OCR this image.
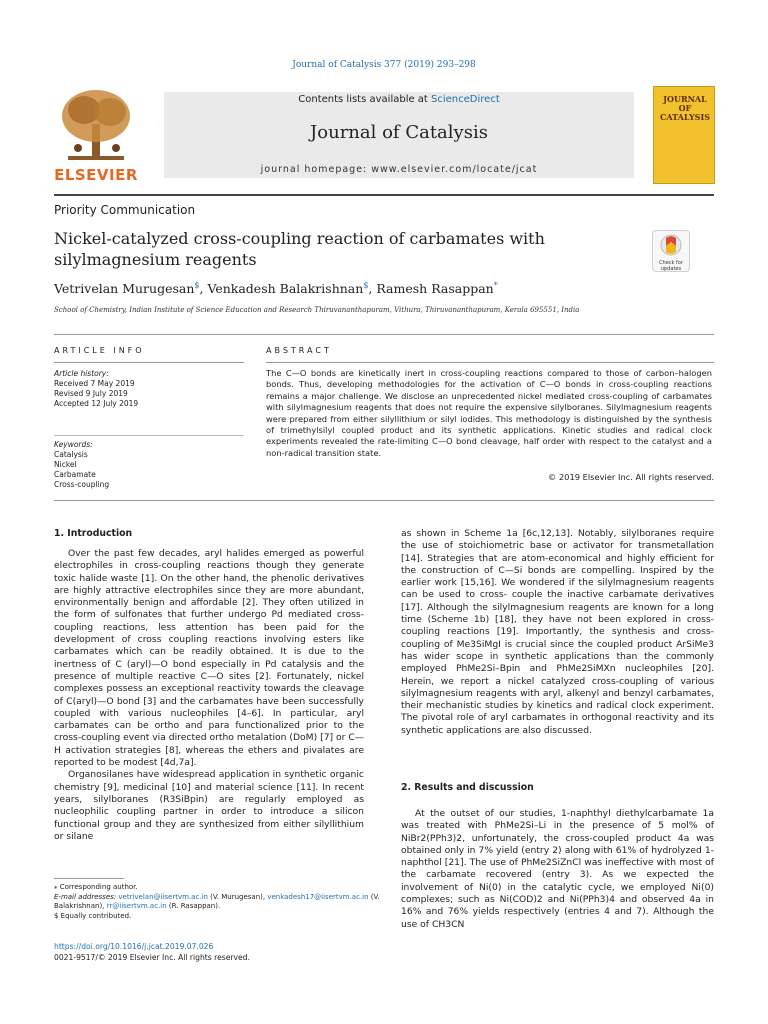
Journal of Catalysis 377 (2019) 293–298
ELSEVIER
Contents lists available at ScienceDirect
Journal of Catalysis
journal homepage: www.elsevier.com/locate/jcat
JOURNAL OF CATALYSIS
Priority Communication
Nickel-catalyzed cross-coupling reaction of carbamates with silylmagnesium reagents	Check for updates
Vetrivelan Murugesan$, Venkadesh Balakrishnan$, Ramesh Rasappan*
School of Chemistry, Indian Institute of Science Education and Research Thiruvananthapuram, Vithura, Thiruvananthapuram, Kerala 695551, India
ARTICLE INFO
Article history:
Received 7 May 2019
Revised 9 July 2019
Accepted 12 July 2019
Keywords:
Catalysis
Nickel
Carbamate
Cross-coupling
ABSTRACT
The C—O bonds are kinetically inert in cross-coupling reactions compared to those of carbon–halogen bonds. Thus, developing methodologies for the activation of C—O bonds in cross-coupling reactions remains a major challenge. We disclose an unprecedented nickel mediated cross-coupling of carbamates with silylmagnesium reagents that does not require the expensive silylboranes. Silylmagnesium reagents were prepared from either silyllithium or silyl iodides. This methodology is distinguished by the synthesis of trimethylsilyl coupled product and its synthetic applications. Kinetic studies and radical clock experiments revealed the rate-limiting C—O bond cleavage, half order with respect to the catalyst and a non-radical transition state.
© 2019 Elsevier Inc. All rights reserved.
1. Introduction

Over the past few decades, aryl halides emerged as powerful electrophiles in cross-coupling reactions though they generate toxic halide waste [1]. On the other hand, the phenolic derivatives are highly attractive electrophiles since they are more abundant, environmentally benign and affordable [2]. They often utilized in the form of sulfonates that further undergo Pd mediated cross-coupling reactions, less attention has been paid for the development of cross coupling reactions involving esters like carbamates which can be readily obtained. It is due to the inertness of C (aryl)—O bond especially in Pd catalysis and the presence of multiple reactive C—O sites [2]. Fortunately, nickel complexes possess an exceptional reactivity towards the cleavage of C(aryl)—O bond [3] and the carbamates have been successfully coupled with various nucleophiles [4–6]. In particular, aryl carbamates can be ortho and para functionalized prior to the cross-coupling event via directed ortho metalation (DoM) [7] or C—H activation strategies [8], whereas the ethers and pivalates are reported to be modest [4d,7a].

Organosilanes have widespread application in synthetic organic chemistry [9], medicinal [10] and material science [11]. In recent years, silylboranes (R3SiBpin) are regularly employed as nucleophilic coupling partner in order to introduce a silicon functional group and they are synthesized from either silyllithium or silane

⁎ Corresponding author.
E-mail addresses: vetrivelan@iisertvm.ac.in (V. Murugesan), venkadesh17@iisertvm.ac.in (V. Balakrishnan), rr@iisertvm.ac.in (R. Rasappan).
$ Equally contributed.

as shown in Scheme 1a [6c,12,13]. Notably, silylboranes require the use of stoichiometric base or activator for transmetallation [14]. Strategies that are atom-economical and highly efficient for the construction of C—Si bonds are compelling. Inspired by the earlier work [15,16]. We wondered if the silylmagnesium reagents can be used to cross- couple the inactive carbamate derivatives [17]. Although the silylmagnesium reagents are known for a long time (Scheme 1b) [18], they have not been explored in cross-coupling reactions [19]. Importantly, the synthesis and cross-coupling of Me3SiMgI is crucial since the coupled product ArSiMe3 has wider scope in synthetic applications than the commonly employed PhMe2Si–Bpin and PhMe2SiMXn nucleophiles [20]. Herein, we report a nickel catalyzed cross-coupling of various silylmagnesium reagents with aryl, alkenyl and benzyl carbamates, their mechanistic studies by kinetics and radical clock experiment. The pivotal role of aryl carbamates in orthogonal reactivity and its synthetic applications are also discussed.

2. Results and discussion

At the outset of our studies, 1-naphthyl diethylcarbamate 1a was treated with PhMe2Si–Li in the presence of 5 mol% of NiBr2(PPh3)2, unfortunately, the cross-coupled product 4a was obtained only in 7% yield (entry 2) along with 61% of hydrolyzed 1-naphthol [21]. The use of PhMe2SiZnCl was ineffective with most of the carbamate recovered (entry 3). As we expected the involvement of Ni(0) in the catalytic cycle, we employed Ni(0) complexes; such as Ni(COD)2 and Ni(PPh3)4 and observed 4a in 16% and 76% yields respectively (entries 4 and 7). Although the use of CH3CN

https://doi.org/10.1016/j.jcat.2019.07.026
0021-9517/© 2019 Elsevier Inc. All rights reserved.
